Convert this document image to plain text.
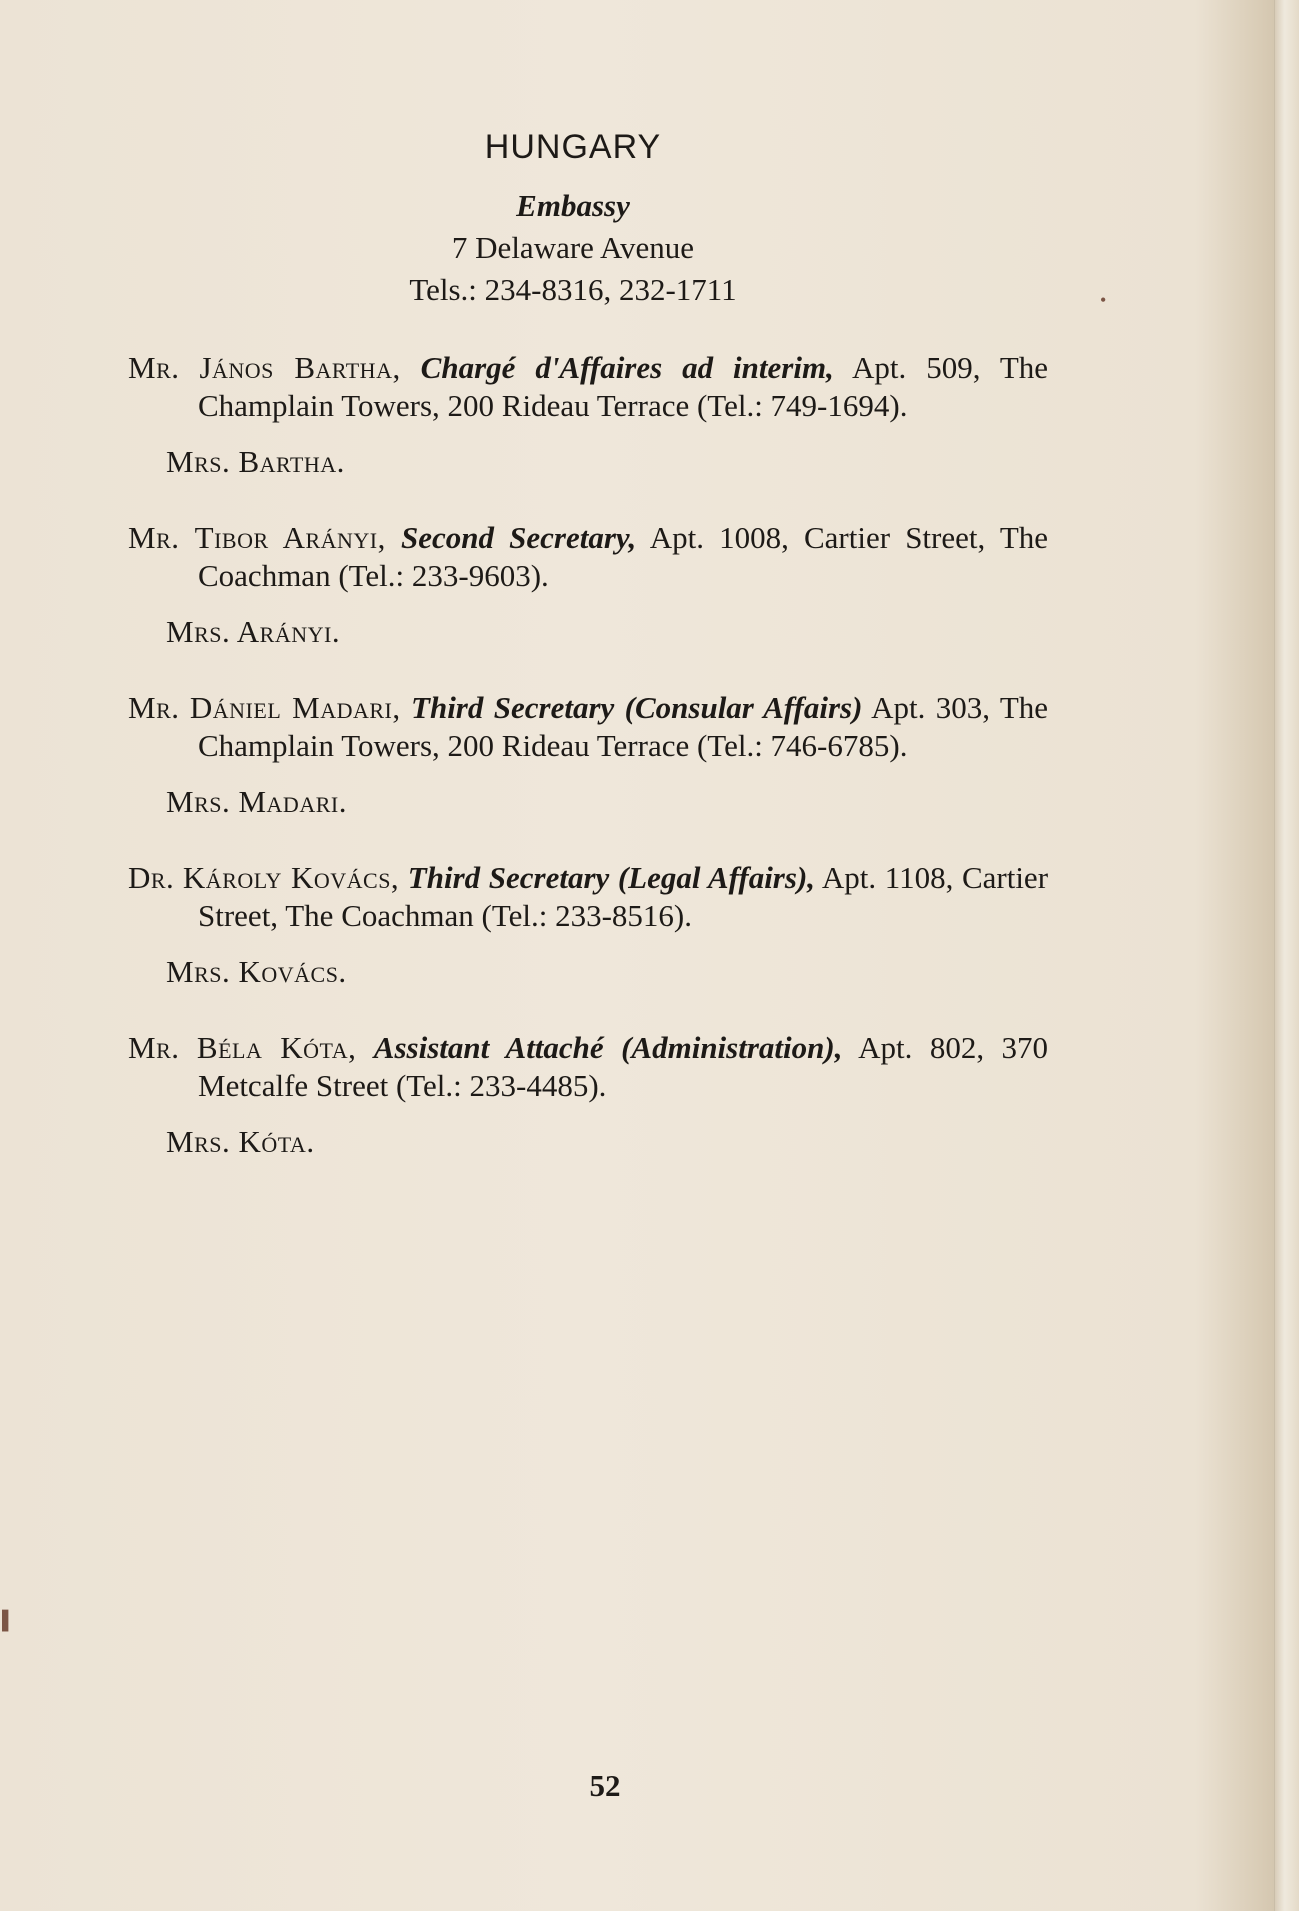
HUNGARY
Embassy
7 Delaware Avenue
Tels.: 234-8316, 232-1711
Mr. János Bartha, Chargé d'Affaires ad interim, Apt. 509, The Champlain Towers, 200 Rideau Terrace (Tel.: 749-1694).
Mrs. Bartha.
Mr. Tibor Arányi, Second Secretary, Apt. 1008, Cartier Street, The Coachman (Tel.: 233-9603).
Mrs. Arányi.
Mr. Dániel Madari, Third Secretary (Consular Affairs) Apt. 303, The Champlain Towers, 200 Rideau Terrace (Tel.: 746-6785).
Mrs. Madari.
Dr. Károly Kovács, Third Secretary (Legal Affairs), Apt. 1108, Cartier Street, The Coachman (Tel.: 233-8516).
Mrs. Kovács.
Mr. Béla Kóta, Assistant Attaché (Administration), Apt. 802, 370 Metcalfe Street (Tel.: 233-4485).
Mrs. Kóta.
•
▌
52
